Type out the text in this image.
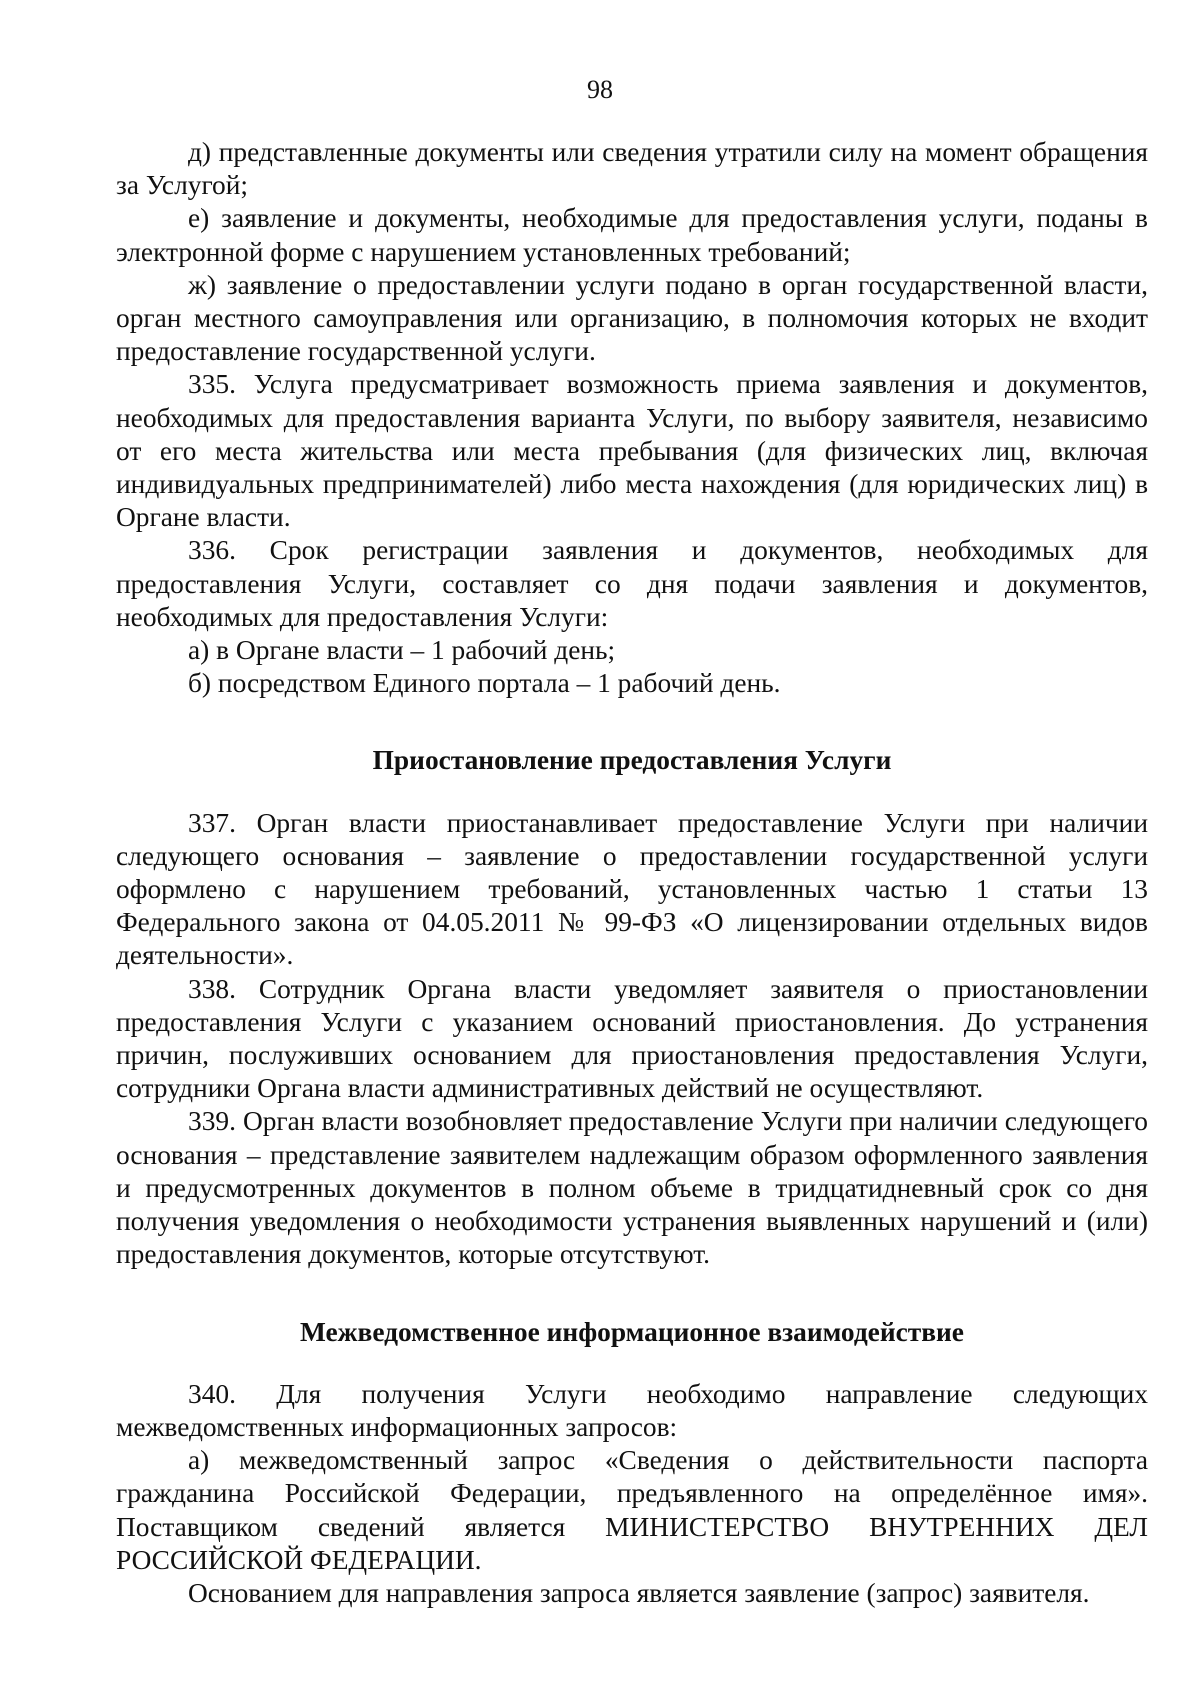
98

д) представленные документы или сведения утратили силу на момент обращения за Услугой;

е) заявление и документы, необходимые для предоставления услуги, поданы в электронной форме с нарушением установленных требований;

ж) заявление о предоставлении услуги подано в орган государственной власти, орган местного самоуправления или организацию, в полномочия которых не входит предоставление государственной услуги.

335. Услуга предусматривает возможность приема заявления и документов, необходимых для предоставления варианта Услуги, по выбору заявителя, независимо от его места жительства или места пребывания (для физических лиц, включая индивидуальных предпринимателей) либо места нахождения (для юридических лиц) в Органе власти.

336. Срок регистрации заявления и документов, необходимых для предоставления Услуги, составляет со дня подачи заявления и документов, необходимых для предоставления Услуги:

а) в Органе власти – 1 рабочий день;

б) посредством Единого портала – 1 рабочий день.

Приостановление предоставления Услуги

337. Орган власти приостанавливает предоставление Услуги при наличии следующего основания – заявление о предоставлении государственной услуги оформлено с нарушением требований, установленных частью 1 статьи 13 Федерального закона от 04.05.2011 № 99-ФЗ «О лицензировании отдельных видов деятельности».

338. Сотрудник Органа власти уведомляет заявителя о приостановлении предоставления Услуги с указанием оснований приостановления. До устранения причин, послуживших основанием для приостановления предоставления Услуги, сотрудники Органа власти административных действий не осуществляют.

339. Орган власти возобновляет предоставление Услуги при наличии следующего основания – представление заявителем надлежащим образом оформленного заявления и предусмотренных документов в полном объеме в тридцатидневный срок со дня получения уведомления о необходимости устранения выявленных нарушений и (или) предоставления документов, которые отсутствуют.

Межведомственное информационное взаимодействие

340. Для получения Услуги необходимо направление следующих межведомственных информационных запросов:

а) межведомственный запрос «Сведения о действительности паспорта гражданина Российской Федерации, предъявленного на определённое имя». Поставщиком сведений является МИНИСТЕРСТВО ВНУТРЕННИХ ДЕЛ РОССИЙСКОЙ ФЕДЕРАЦИИ.

Основанием для направления запроса является заявление (запрос) заявителя.
